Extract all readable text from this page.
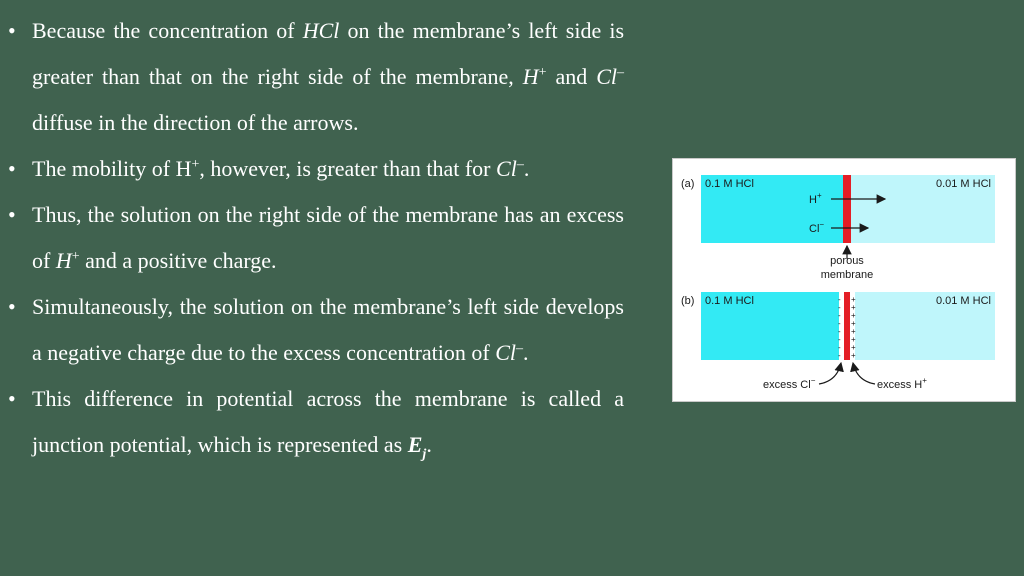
• Because the concentration of HCl on the membrane’s left side is greater than that on the right side of the membrane, H+ and Cl– diffuse in the direction of the arrows.
• The mobility of H+, however, is greater than that for Cl–.
• Thus, the solution on the right side of the membrane has an excess of H+ and a positive charge.
• Simultaneously, the solution on the membrane’s left side develops a negative charge due to the excess concentration of Cl–.
• This difference in potential across the membrane is called a junction potential, which is represented as $E_j$.
(a) 0.1 M HCl	0.01 M HCl
H+
Cl−
porous
membrane
-
-
-
-
-
-
-
-
+
+
+
+
+
+
+
+
(b) 0.1 M HCl	0.01 M HCl
excess Cl−	excess H+
